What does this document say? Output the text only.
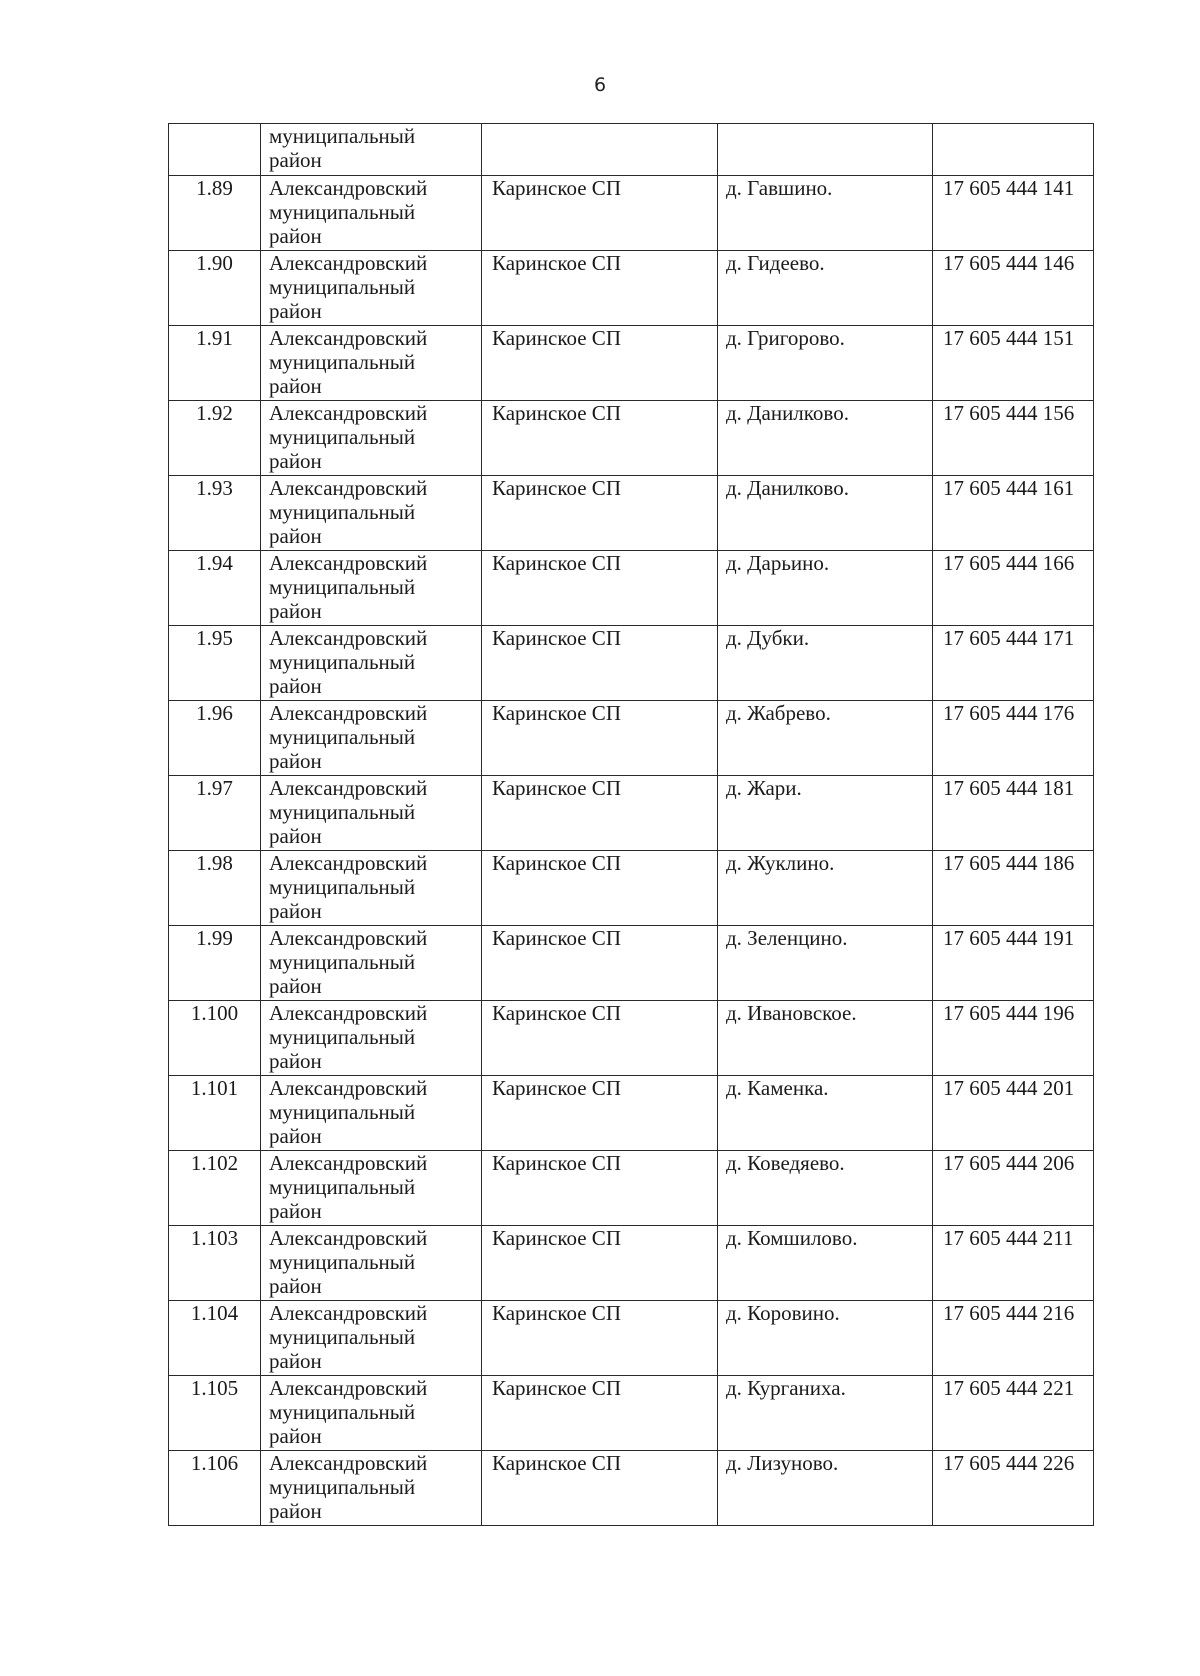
6

	муниципальный
район			

1.89	Александровский
муниципальный
район	Каринское СП	д. Гавшино.	17 605 444 141
1.90	Александровский
муниципальный
район	Каринское СП	д. Гидеево.	17 605 444 146
1.91	Александровский
муниципальный
район	Каринское СП	д. Григорово.	17 605 444 151
1.92	Александровский
муниципальный
район	Каринское СП	д. Данилково.	17 605 444 156
1.93	Александровский
муниципальный
район	Каринское СП	д. Данилково.	17 605 444 161
1.94	Александровский
муниципальный
район	Каринское СП	д. Дарьино.	17 605 444 166
1.95	Александровский
муниципальный
район	Каринское СП	д. Дубки.	17 605 444 171
1.96	Александровский
муниципальный
район	Каринское СП	д. Жабрево.	17 605 444 176
1.97	Александровский
муниципальный
район	Каринское СП	д. Жари.	17 605 444 181
1.98	Александровский
муниципальный
район	Каринское СП	д. Жуклино.	17 605 444 186
1.99	Александровский
муниципальный
район	Каринское СП	д. Зеленцино.	17 605 444 191
1.100	Александровский
муниципальный
район	Каринское СП	д. Ивановское.	17 605 444 196
1.101	Александровский
муниципальный
район	Каринское СП	д. Каменка.	17 605 444 201
1.102	Александровский
муниципальный
район	Каринское СП	д. Коведяево.	17 605 444 206
1.103	Александровский
муниципальный
район	Каринское СП	д. Комшилово.	17 605 444 211
1.104	Александровский
муниципальный
район	Каринское СП	д. Коровино.	17 605 444 216
1.105	Александровский
муниципальный
район	Каринское СП	д. Курганиха.	17 605 444 221
1.106	Александровский
муниципальный
район	Каринское СП	д. Лизуново.	17 605 444 226
